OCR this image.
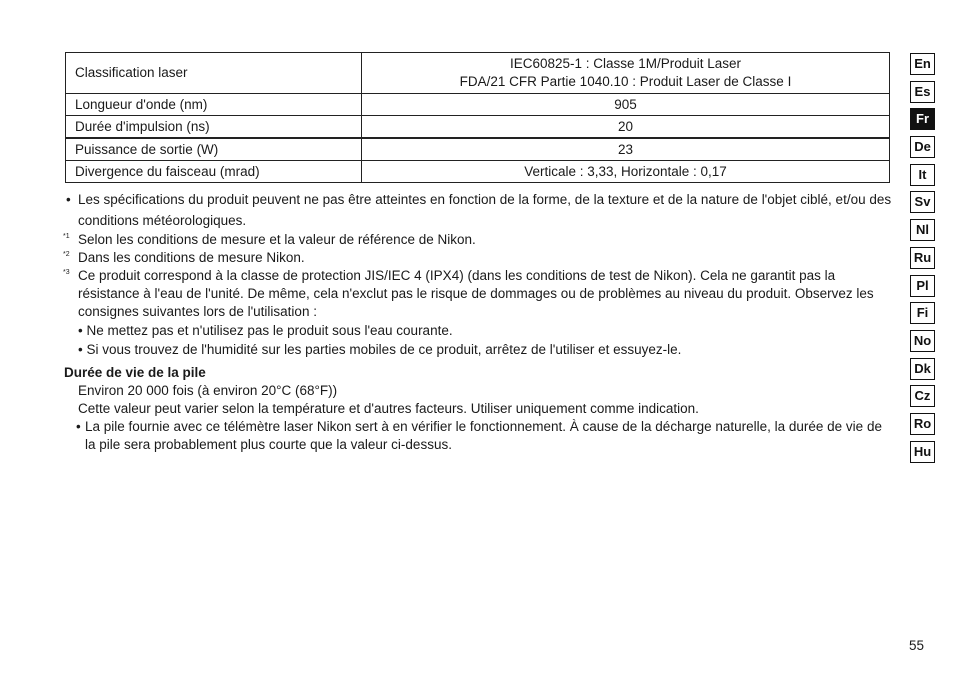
Classification laser	IEC60825-1 : Classe 1M/Produit Laser
FDA/21 CFR Partie 1040.10 : Produit Laser de Classe I

Longueur d'onde (nm)	905
Durée d'impulsion (ns)	20
Puissance de sortie (W)	23
Divergence du faisceau (mrad)	Verticale : 3,33, Horizontale : 0,17

• Les spécifications du produit peuvent ne pas être atteintes en fonction de la forme, de la texture et de la nature de l'objet ciblé, et/ou des conditions météorologiques.

*1 Selon les conditions de mesure et la valeur de référence de Nikon.

*2 Dans les conditions de mesure Nikon.

*3 Ce produit correspond à la classe de protection JIS/IEC 4 (IPX4) (dans les conditions de test de Nikon). Cela ne garantit pas la résistance à l'eau de l'unité. De même, cela n'exclut pas le risque de dommages ou de problèmes au niveau du produit. Observez les consignes suivantes lors de l'utilisation :

• Ne mettez pas et n'utilisez pas le produit sous l'eau courante.

• Si vous trouvez de l'humidité sur les parties mobiles de ce produit, arrêtez de l'utiliser et essuyez-le.

Durée de vie de la pile

Environ 20 000 fois (à environ 20°C (68°F))

Cette valeur peut varier selon la température et d'autres facteurs. Utiliser uniquement comme indication.

• La pile fournie avec ce télémètre laser Nikon sert à en vérifier le fonctionnement. À cause de la décharge naturelle, la durée de vie de la pile sera probablement plus courte que la valeur ci-dessus.

En
Es
Fr
De
It
Sv
Nl
Ru
Pl
Fi
No
Dk
Cz
Ro
Hu
55
